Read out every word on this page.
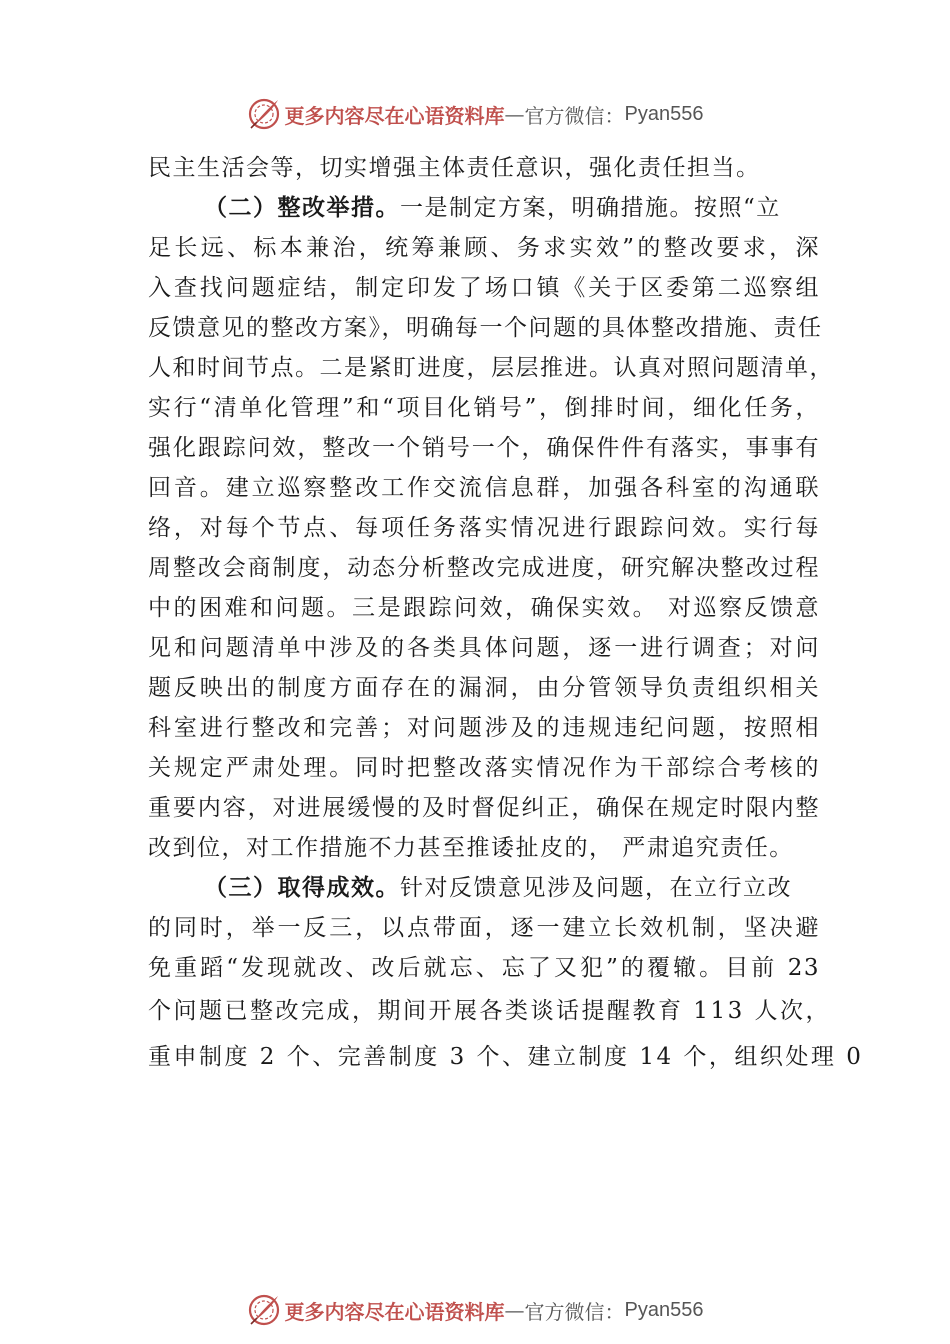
更多内容尽在心语资料库 — 官方微信： Pyan556
民主生活会等，切实增强主体责任意识，强化责任担当。
（二）整改举措。一是制定方案，明确措施。按照“立
足长远、标本兼治，统筹兼顾、务求实效”的整改要求，深
入查找问题症结，制定印发了场口镇《关于区委第二巡察组
反馈意见的整改方案》，明确每一个问题的具体整改措施、责任
人和时间节点。二是紧盯进度，层层推进。认真对照问题清单，
实行“清单化管理”和“项目化销号”，倒排时间，细化任务，
强化跟踪问效，整改一个销号一个，确保件件有落实，事事有
回音。建立巡察整改工作交流信息群，加强各科室的沟通联
络，对每个节点、每项任务落实情况进行跟踪问效。实行每
周整改会商制度，动态分析整改完成进度，研究解决整改过程
中的困难和问题。三是跟踪问效，确保实效。 对巡察反馈意
见和问题清单中涉及的各类具体问题，逐一进行调查；对问
题反映出的制度方面存在的漏洞，由分管领导负责组织相关
科室进行整改和完善；对问题涉及的违规违纪问题，按照相
关规定严肃处理。同时把整改落实情况作为干部综合考核的
重要内容，对进展缓慢的及时督促纠正，确保在规定时限内整
改到位，对工作措施不力甚至推诿扯皮的， 严肃追究责任。
（三）取得成效。针对反馈意见涉及问题，在立行立改
的同时，举一反三，以点带面，逐一建立长效机制，坚决避
免重蹈“发现就改、改后就忘、忘了又犯”的覆辙。目前 23
个问题已整改完成，期间开展各类谈话提醒教育 113 人次，
重申制度 2 个、完善制度 3 个、建立制度 14 个，组织处理 0
更多内容尽在心语资料库 — 官方微信： Pyan556
